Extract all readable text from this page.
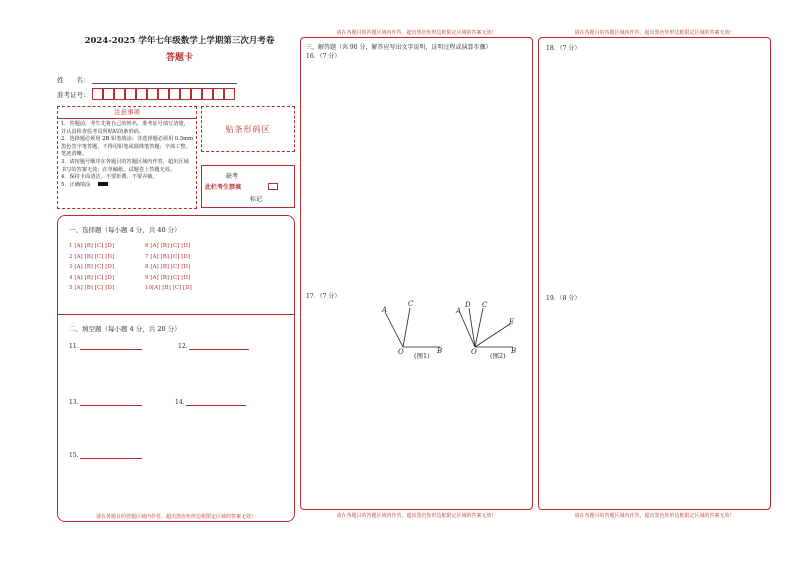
2024-2025 学年七年级数学上学期第三次月考卷
答题卡
姓　　名：
准考证号：
注意事项
1．答题前，考生先将自己的姓名，准考证号填写清楚，并认真检查监考员所粘贴的条形码。
2．选择题必须用 2B 铅笔填涂；非选择题必须用 0.5mm 黑色签字笔答题，不得用铅笔或圆珠笔答题；字体工整，笔迹清晰。
3．请按题号顺序在各题目的答题区域内作答，超出区域书写的答案无效；在草稿纸、试题卷上答题无效。
4．保持卡面清洁，不要折叠、不要弄破。
5．正确填涂
贴条形码区
缺考
此栏考生禁填
标记
一、选择题（每小题 4 分，共 40 分）
1 [A] [B] [C] [D]
2 [A] [B] [C] [D]
3 [A] [B] [C] [D]
4 [A] [B] [C] [D]
5 [A] [B] [C] [D]
6 [A] [B] [C] [D]
7 [A] [B] [C] [D]
8 [A] [B] [C] [D]
9 [A] [B] [C] [D]
10[A] [B] [C] [D]
二、填空题（每小题 4 分，共 20 分）
11.	12.
13.	14.
15.
请在各题目的答题区域内作答，超出黑色矩形边框限定区域的答案无效！
请在各题目的答题区域内作答，超出黑色矩形边框限定区域的答案无效！
三、解答题（共 90 分，解答应写出文字说明，证明过程或演算步骤）
16．（7 分）
17．（7 分）
A
C
O	B
(图1)
A
D C
E
O	B
(图2)
请在各题目的答题区域内作答，超出黑色矩形边框限定区域的答案无效！
请在各题目的答题区域内作答，超出黑色矩形边框限定区域的答案无效！
18．（7 分）
19．（8 分）
请在各题目的答题区域内作答，超出黑色矩形边框限定区域的答案无效！
